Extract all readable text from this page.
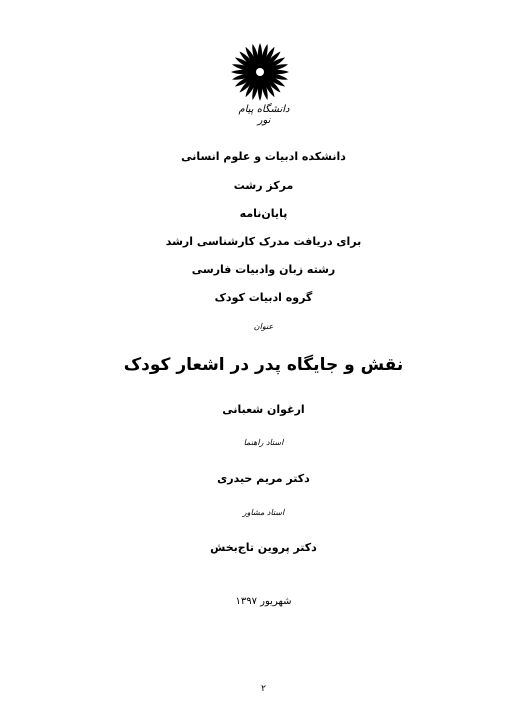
دانشگاه پیام نور
دانشکده ادبیات و علوم انسانی
مرکز رشت
پایان‌نامه
برای دریافت مدرک کارشناسی ارشد
رشته زبان وادبیات فارسی
گروه ادبیات کودک
عنوان
نقش و جایگاه پدر در اشعار کودک
ارغوان شعبانی
استاد راهنما
دکتر مریم حیدری
استاد مشاور
دکتر پروین تاج‌بخش
شهریور ۱۳۹۷
۲
